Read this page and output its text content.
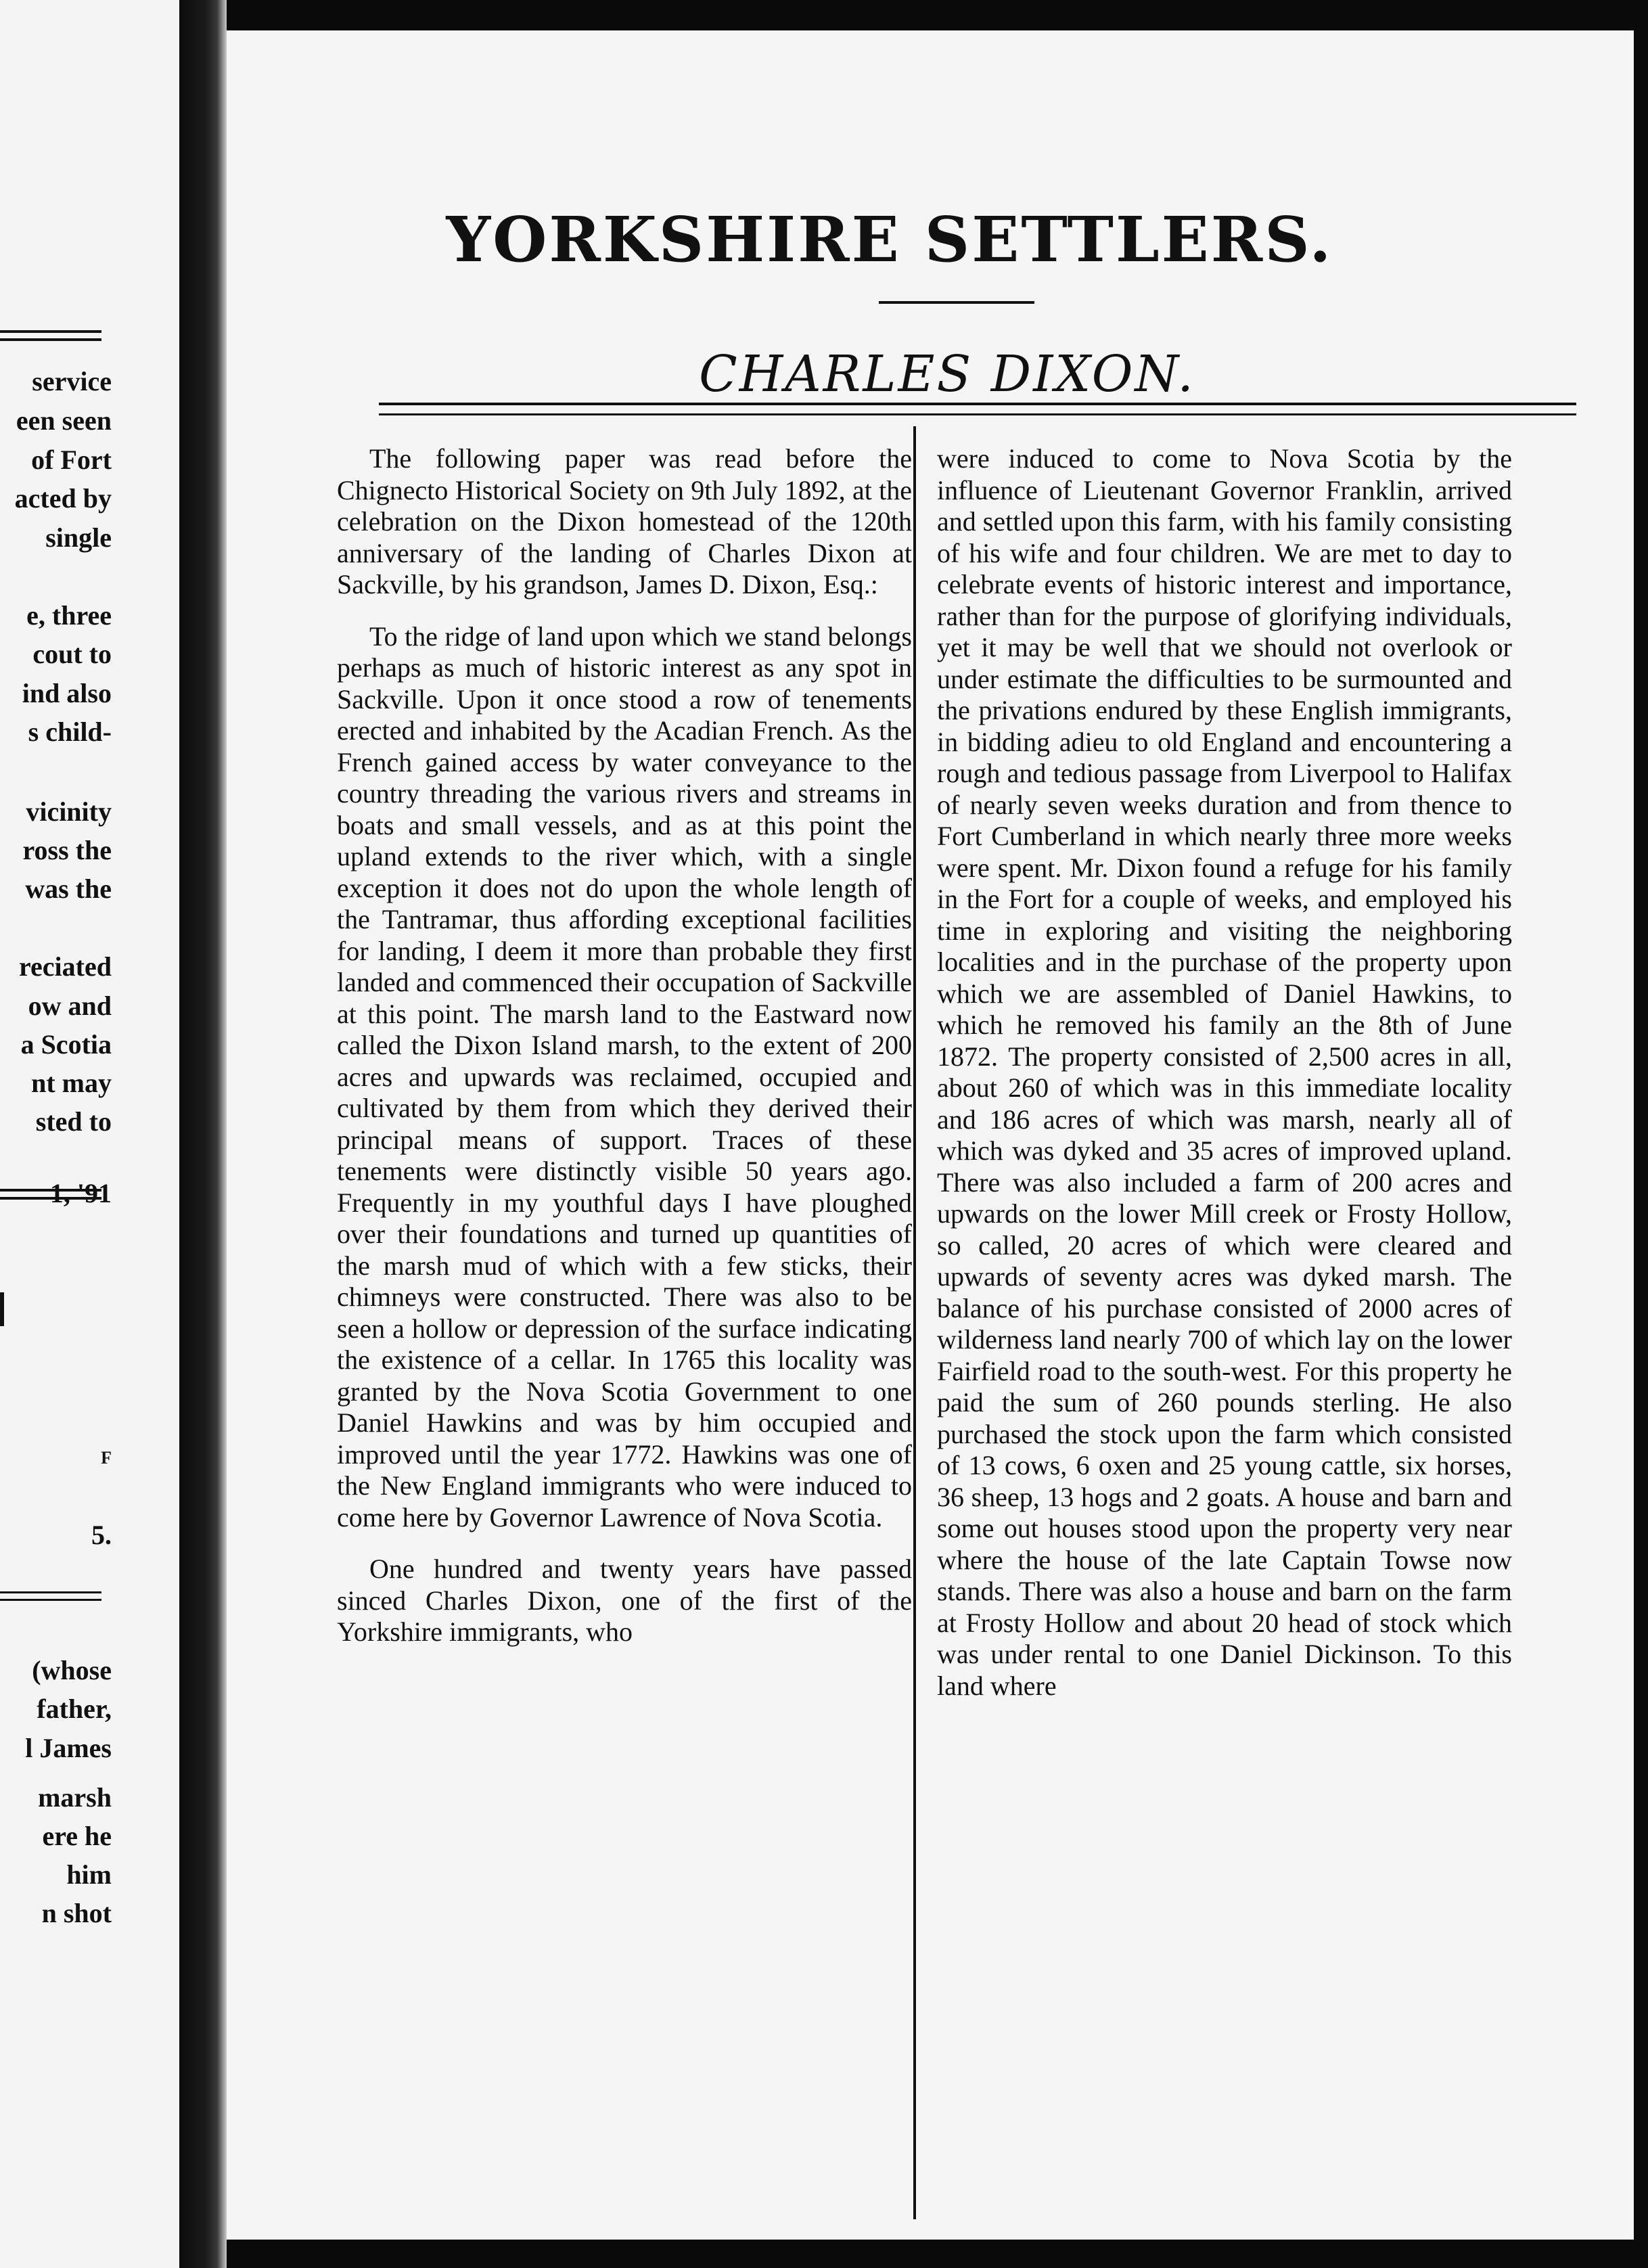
service
een seen
of Fort
acted by
single
e, three
cout to
ind also
s child-
vicinity
ross the
was the
reciated
ow and
a Scotia
nt may
sted to
1, '91
F
5.
(whose
father,
l James
marsh
ere he
him
n shot
YORKSHIRE SETTLERS.
CHARLES DIXON.

The following paper was read before the Chignecto Historical Society on 9th July 1892, at the celebration on the Dixon homestead of the 120th anniversary of the landing of Charles Dixon at Sackville, by his grandson, James D. Dixon, Esq.:

To the ridge of land upon which we stand belongs perhaps as much of historic interest as any spot in Sackville. Upon it once stood a row of tenements erected and inhabited by the Acadian French. As the French gained access by water conveyance to the country threading the various rivers and streams in boats and small vessels, and as at this point the upland extends to the river which, with a single exception it does not do upon the whole length of the Tantramar, thus affording exceptional facilities for landing, I deem it more than probable they first landed and commenced their occupation of Sackville at this point. The marsh land to the Eastward now called the Dixon Island marsh, to the extent of 200 acres and upwards was reclaimed, occupied and cultivated by them from which they derived their principal means of support. Traces of these tenements were distinctly visible 50 years ago. Frequently in my youthful days I have ploughed over their foundations and turned up quantities of the marsh mud of which with a few sticks, their chimneys were constructed. There was also to be seen a hollow or depression of the surface indicating the existence of a cellar. In 1765 this locality was granted by the Nova Scotia Government to one Daniel Hawkins and was by him occupied and improved until the year 1772. Hawkins was one of the New England immigrants who were induced to come here by Governor Lawrence of Nova Scotia.

One hundred and twenty years have passed sinced Charles Dixon, one of the first of the Yorkshire immigrants, who

were induced to come to Nova Scotia by the influence of Lieutenant Governor Franklin, arrived and settled upon this farm, with his family consisting of his wife and four children. We are met to day to celebrate events of historic interest and importance, rather than for the purpose of glorifying individuals, yet it may be well that we should not overlook or under estimate the difficulties to be surmounted and the privations endured by these English immigrants, in bidding adieu to old England and encountering a rough and tedious passage from Liverpool to Halifax of nearly seven weeks duration and from thence to Fort Cumberland in which nearly three more weeks were spent. Mr. Dixon found a refuge for his family in the Fort for a couple of weeks, and employed his time in exploring and visiting the neighboring localities and in the purchase of the property upon which we are assembled of Daniel Hawkins, to which he removed his family an the 8th of June 1872. The property consisted of 2,500 acres in all, about 260 of which was in this immediate locality and 186 acres of which was marsh, nearly all of which was dyked and 35 acres of improved upland. There was also included a farm of 200 acres and upwards on the lower Mill creek or Frosty Hollow, so called, 20 acres of which were cleared and upwards of seventy acres was dyked marsh. The balance of his purchase consisted of 2000 acres of wilderness land nearly 700 of which lay on the lower Fairfield road to the south-west. For this property he paid the sum of 260 pounds sterling. He also purchased the stock upon the farm which consisted of 13 cows, 6 oxen and 25 young cattle, six horses, 36 sheep, 13 hogs and 2 goats. A house and barn and some out houses stood upon the property very near where the house of the late Captain Towse now stands. There was also a house and barn on the farm at Frosty Hollow and about 20 head of stock which was under rental to one Daniel Dickinson. To this land where
